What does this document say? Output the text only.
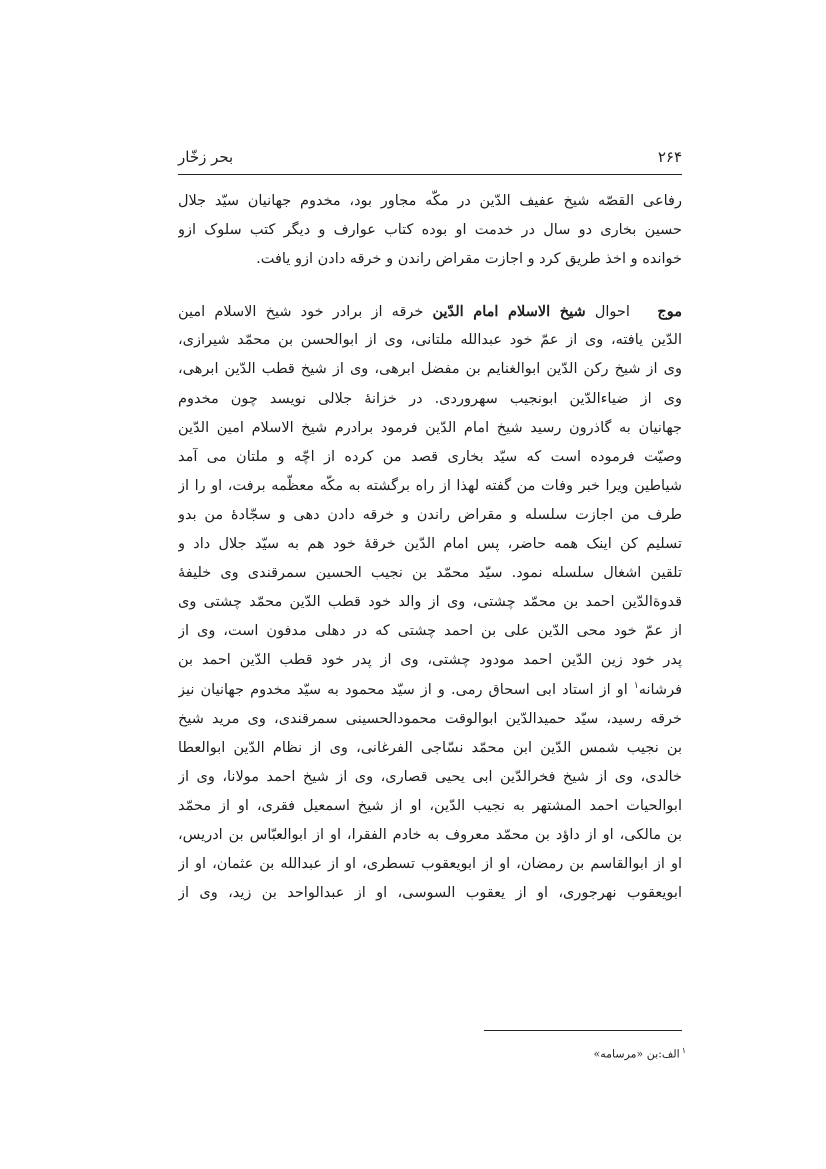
۲۶۴
بحر زخّار
رفاعی القصّه شیخ عفیف الدّین در مکّه مجاور بود، مخدوم جهانیان سیّد جلال
حسین بخاری دو سال در خدمت او بوده کتاب عوارف و دیگر کتب سلوک ازو
خوانده و اخذ طریق کرد و اجازت مقراض راندن و خرقه دادن ازو یافت.
موج   احوال شیخ الاسلام امام الدّین خرقه از برادر خود شیخ الاسلام امین
الدّین یافته، وی از عمّ خود عبدالله ملتانی، وی از ابوالحسن بن محمّد شیرازی،
وی از شیخ رکن الدّین ابوالغنایم بن مفضل ابرهی، وی از شیخ قطب الدّین ابرهی،
وی از ضیاءالدّین ابونجیب سهروردی. در خزانهٔ جلالی نویسد چون مخدوم
جهانیان به گاذرون رسید شیخ امام الدّین فرمود برادرم شیخ الاسلام امین الدّین
وصیّت فرموده است که سیّد بخاری قصد من کرده از اچّه و ملتان می آمد
شیاطین ویرا خبر وفات من گفته لهذا از راه برگشته به مکّه معظّمه برفت، او را از
طرف من اجازت سلسله و مقراض راندن و خرقه دادن دهی و سجّادهٔ من بدو
تسلیم کن اینک همه حاضر، پس امام الدّین خرقهٔ خود هم به سیّد جلال داد و
تلقین اشغال سلسله نمود. سیّد محمّد بن نجیب الحسین سمرقندی وی خلیفهٔ
قدوةالدّین احمد بن محمّد چشتی، وی از والد خود قطب الدّین محمّد چشتی وی
از عمّ خود محی الدّین علی بن احمد چشتی که در دهلی مدفون است، وی از
پدر خود زین الدّین احمد مودود چشتی، وی از پدر خود قطب الدّین احمد بن
فرشانه$^۱$ او از استاد ابی اسحاق رمی. و از سیّد محمود به سیّد مخدوم جهانیان نیز
خرقه رسید، سیّد حمیدالدّین ابوالوقت محمودالحسینی سمرقندی، وی مرید شیخ
بن نجیب شمس الدّین ابن محمّد نسّاجی الفرغانی، وی از نظام الدّین ابوالعطا
خالدی، وی از شیخ فخرالدّین ابی یحیی قصاری، وی از شیخ احمد مولانا، وی از
ابوالحیات احمد المشتهر به نجیب الدّین، او از شیخ اسمعیل فقری، او از محمّد
بن مالکی، او از داؤد بن محمّد معروف به خادم الفقرا، او از ابوالعبّاس بن ادریس،
او از ابوالقاسم بن رمضان، او از ابویعقوب تسطری، او از عبدالله بن عثمان، او از
ابویعقوب نهرجوری، او از یعقوب السوسی، او از عبدالواحد بن زید، وی از
$^۱$الف:بن «مرسامه»
